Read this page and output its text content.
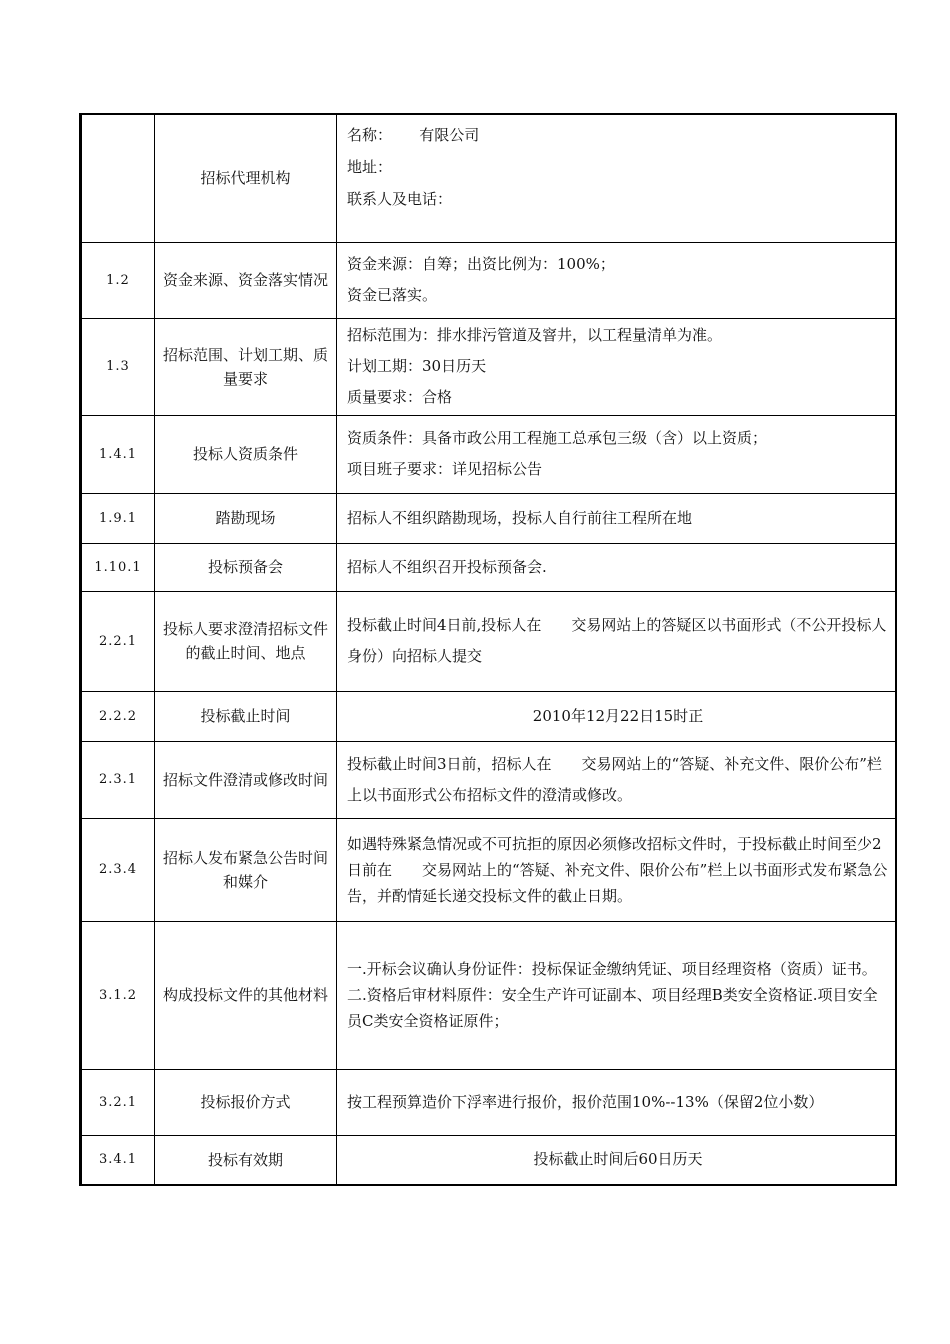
	招标代理机构	名称：　　 有限公司
地址：
联系人及电话：

1.2	资金来源、资金落实情况	资金来源：自筹；出资比例为：100%；
资金已落实。

1.3	招标范围、计划工期、质量要求	招标范围为：排水排污管道及窨井，以工程量清单为准。
计划工期：30日历天
质量要求：合格

1.4.1	投标人资质条件	资质条件：具备市政公用工程施工总承包三级（含）以上资质；
项目班子要求：详见招标公告

1.9.1	踏勘现场	招标人不组织踏勘现场，投标人自行前往工程所在地

1.10.1	投标预备会	招标人不组织召开投标预备会.

2.2.1	投标人要求澄清招标文件的截止时间、地点	投标截止时间4日前,投标人在　　交易网站上的答疑区以书面形式（不公开投标人身份）向招标人提交

2.2.2	投标截止时间	2010年12月22日15时正

2.3.1	招标文件澄清或修改时间	投标截止时间3日前，招标人在　　交易网站上的“答疑、补充文件、限价公布”栏上以书面形式公布招标文件的澄清或修改。

2.3.4	招标人发布紧急公告时间和媒介	如遇特殊紧急情况或不可抗拒的原因必须修改招标文件时，于投标截止时间至少2日前在　　交易网站上的“答疑、补充文件、限价公布”栏上以书面形式发布紧急公告，并酌情延长递交投标文件的截止日期。

3.1.2	构成投标文件的其他材料	一.开标会议确认身份证件：投标保证金缴纳凭证、项目经理资格（资质）证书。
二.资格后审材料原件：安全生产许可证副本、项目经理B类安全资格证.项目安全员C类安全资格证原件；

3.2.1	投标报价方式	按工程预算造价下浮率进行报价，报价范围10%--13%（保留2位小数）

3.4.1	投标有效期	投标截止时间后60日历天
